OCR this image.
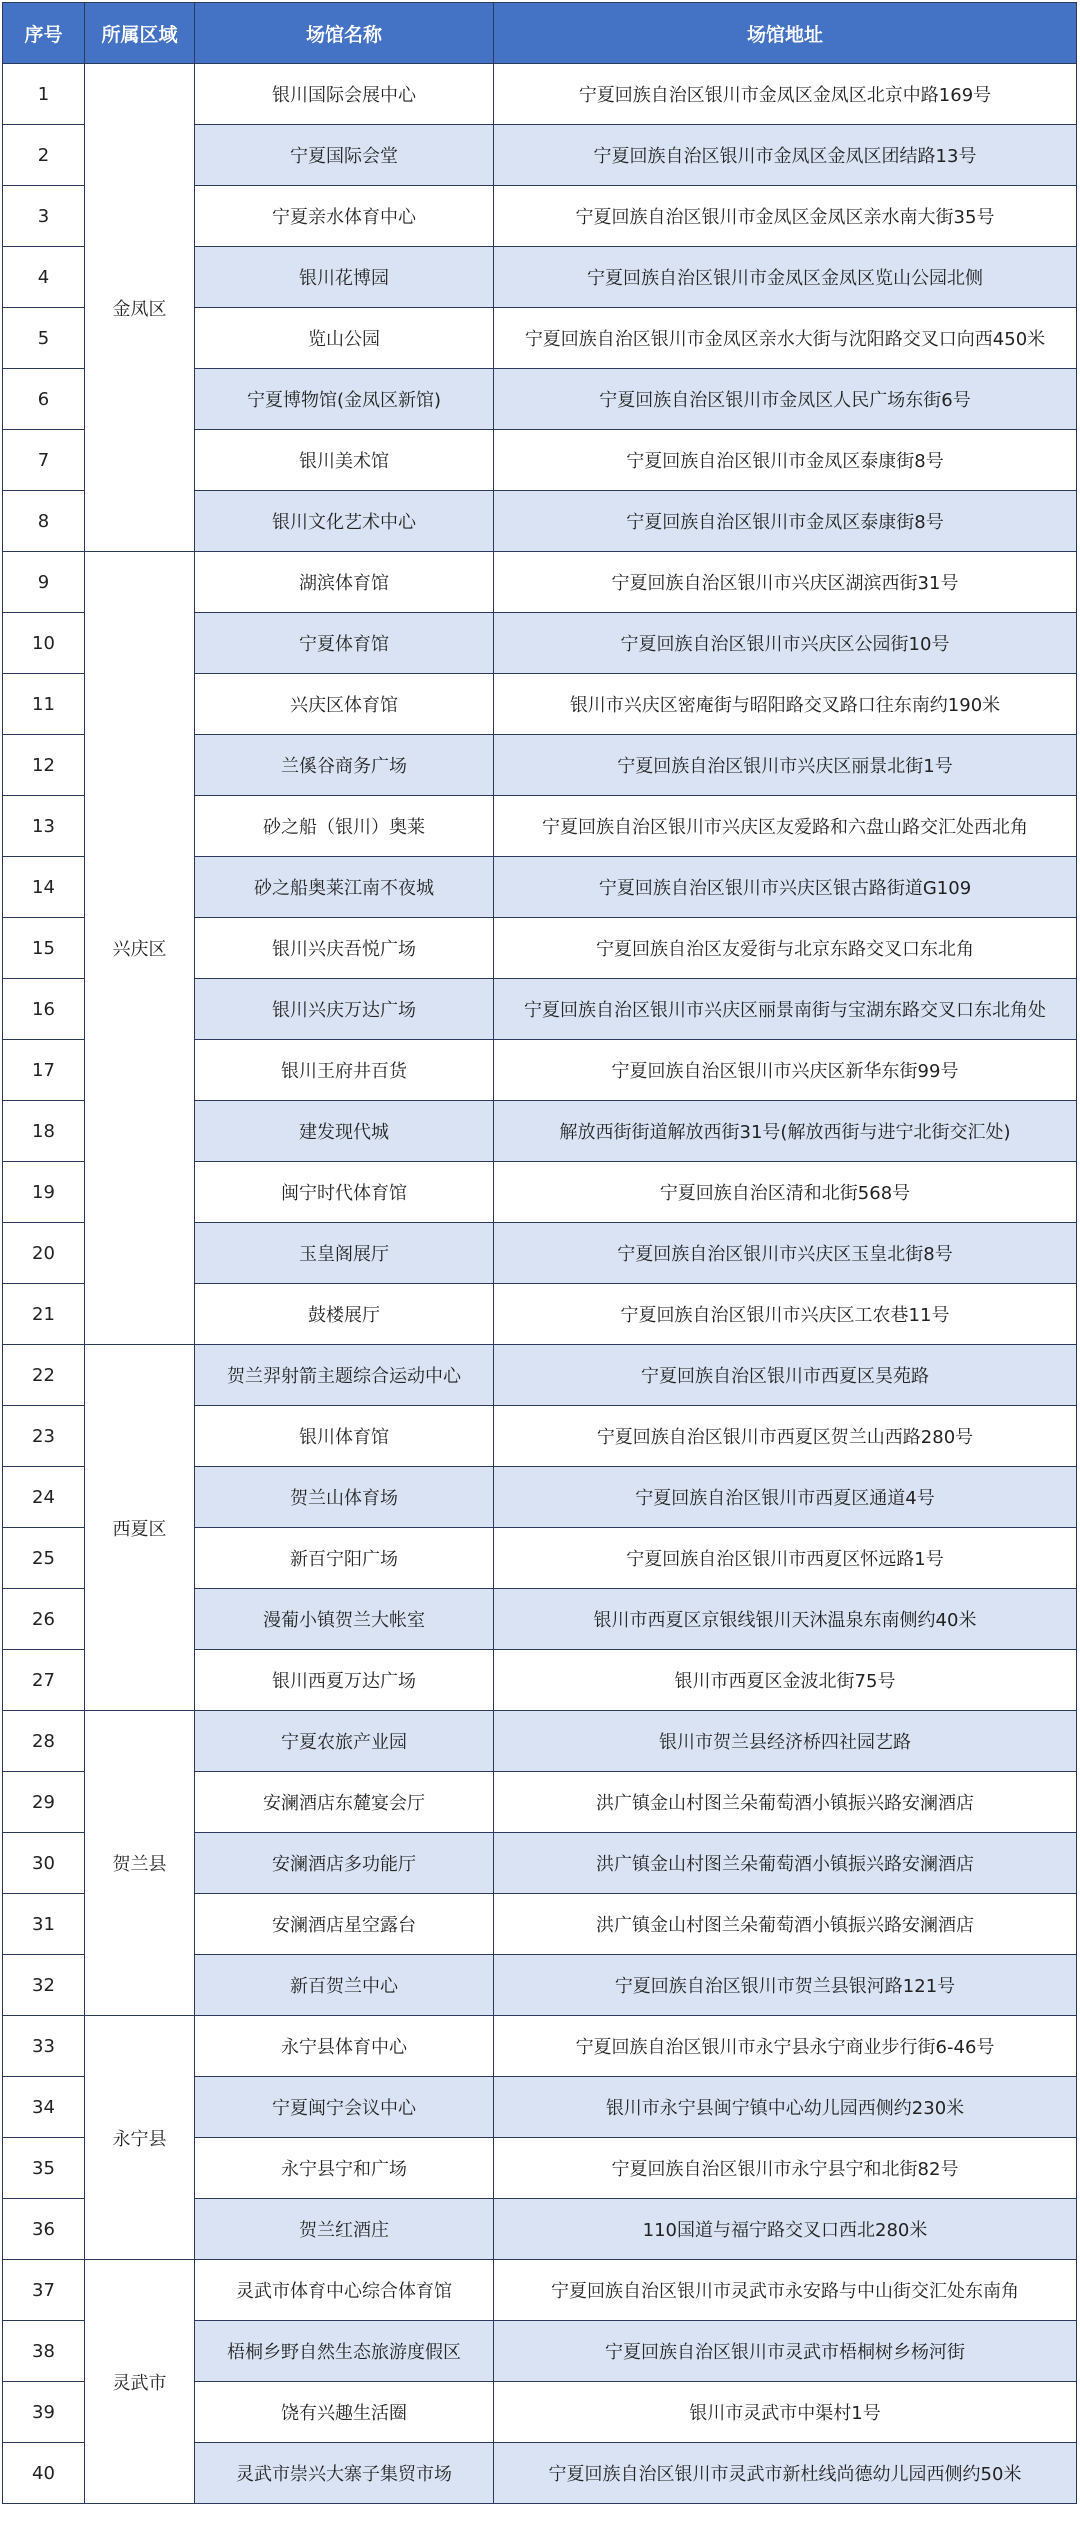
序号	所属区域	场馆名称	场馆地址
1	金凤区	银川国际会展中心	宁夏回族自治区银川市金凤区金凤区北京中路169号
2		宁夏国际会堂	宁夏回族自治区银川市金凤区金凤区团结路13号
3		宁夏亲水体育中心	宁夏回族自治区银川市金凤区金凤区亲水南大街35号
4		银川花博园	宁夏回族自治区银川市金凤区金凤区览山公园北侧
5		览山公园	宁夏回族自治区银川市金凤区亲水大街与沈阳路交叉口向西450米
6		宁夏博物馆(金凤区新馆)	宁夏回族自治区银川市金凤区人民广场东街6号
7		银川美术馆	宁夏回族自治区银川市金凤区泰康街8号
8		银川文化艺术中心	宁夏回族自治区银川市金凤区泰康街8号
9	兴庆区	湖滨体育馆	宁夏回族自治区银川市兴庆区湖滨西街31号
10		宁夏体育馆	宁夏回族自治区银川市兴庆区公园街10号
11		兴庆区体育馆	银川市兴庆区密庵街与昭阳路交叉路口往东南约190米
12		兰傒谷商务广场	宁夏回族自治区银川市兴庆区丽景北街1号
13		砂之船（银川）奥莱	宁夏回族自治区银川市兴庆区友爱路和六盘山路交汇处西北角
14		砂之船奥莱江南不夜城	宁夏回族自治区银川市兴庆区银古路街道G109
15		银川兴庆吾悦广场	宁夏回族自治区友爱街与北京东路交叉口东北角
16		银川兴庆万达广场	宁夏回族自治区银川市兴庆区丽景南街与宝湖东路交叉口东北角处
17		银川王府井百货	宁夏回族自治区银川市兴庆区新华东街99号
18		建发现代城	解放西街街道解放西街31号(解放西街与进宁北街交汇处)
19		闽宁时代体育馆	宁夏回族自治区清和北街568号
20		玉皇阁展厅	宁夏回族自治区银川市兴庆区玉皇北街8号
21		鼓楼展厅	宁夏回族自治区银川市兴庆区工农巷11号
22	西夏区	贺兰羿射箭主题综合运动中心	宁夏回族自治区银川市西夏区昊苑路
23		银川体育馆	宁夏回族自治区银川市西夏区贺兰山西路280号
24		贺兰山体育场	宁夏回族自治区银川市西夏区通道4号
25		新百宁阳广场	宁夏回族自治区银川市西夏区怀远路1号
26		漫葡小镇贺兰大帐室	银川市西夏区京银线银川天沐温泉东南侧约40米
27		银川西夏万达广场	银川市西夏区金波北街75号
28	贺兰县	宁夏农旅产业园	银川市贺兰县经济桥四社园艺路
29		安澜酒店东麓宴会厅	洪广镇金山村图兰朵葡萄酒小镇振兴路安澜酒店
30		安澜酒店多功能厅	洪广镇金山村图兰朵葡萄酒小镇振兴路安澜酒店
31		安澜酒店星空露台	洪广镇金山村图兰朵葡萄酒小镇振兴路安澜酒店
32		新百贺兰中心	宁夏回族自治区银川市贺兰县银河路121号
33	永宁县	永宁县体育中心	宁夏回族自治区银川市永宁县永宁商业步行街6-46号
34		宁夏闽宁会议中心	银川市永宁县闽宁镇中心幼儿园西侧约230米
35		永宁县宁和广场	宁夏回族自治区银川市永宁县宁和北街82号
36		贺兰红酒庄	110国道与福宁路交叉口西北280米
37	灵武市	灵武市体育中心综合体育馆	宁夏回族自治区银川市灵武市永安路与中山街交汇处东南角
38		梧桐乡野自然生态旅游度假区	宁夏回族自治区银川市灵武市梧桐树乡杨河街
39		饶有兴趣生活圈	银川市灵武市中渠村1号
40		灵武市崇兴大寨子集贸市场	宁夏回族自治区银川市灵武市新杜线尚德幼儿园西侧约50米
